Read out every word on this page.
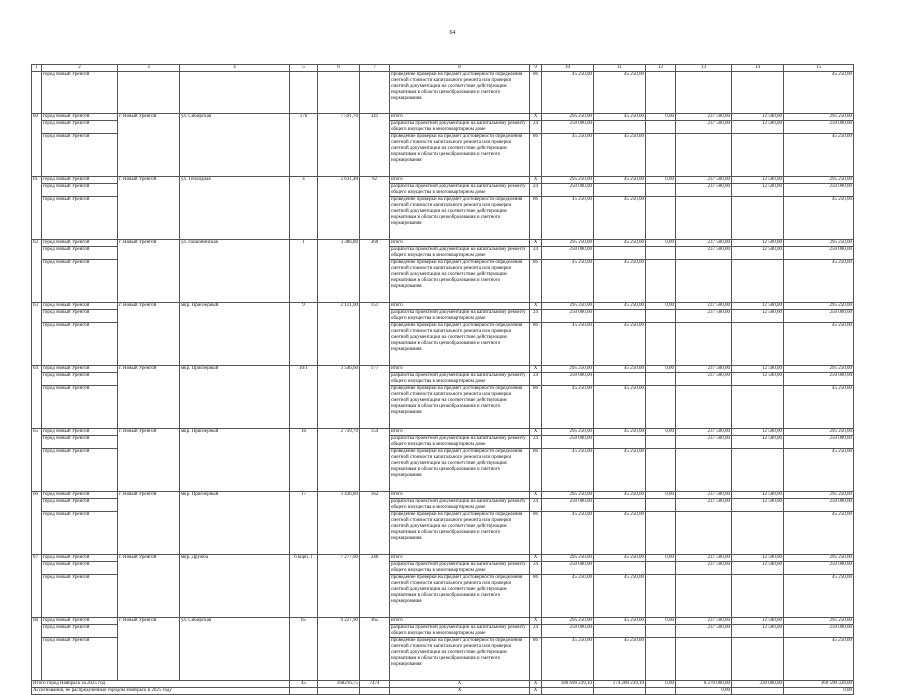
64
1	2	3	4	5	6	7	8	9	10	11	12	13	14	15
	город Новый Уренгой						проведение проверки на предмет достоверности определения сметной стоимости капитального ремонта или проверки сметной документации на соответствие действующим нормативам в области ценообразования и сметного нормирования	86	45 250,00	45 250,00				45 250,00
60	город Новый Уренгой	г. Новый Уренгой	ул. Сибирская	176	7 591,70	341	итого	X	295 250,00	45 250,00	0,00	237 500,00	12 500,00	295 250,00
	город Новый Уренгой						разработка проектной документации на капитальному ремонту общего имущества в многоквартирном доме	24	250 000,00			237 500,00	12 500,00	250 000,00
	город Новый Уренгой						проведение проверки на предмет достоверности определения сметной стоимости капитального ремонта или проверки сметной документации на соответствие действующим нормативам в области ценообразования и сметного нормирования	86	45 250,00	45 250,00				45 250,00
61	город Новый Уренгой	г. Новый Уренгой	ул. Теплодная	4	2 631,40	92	итого	X	295 250,00	45 250,00	0,00	237 500,00	12 500,00	295 250,00
	город Новый Уренгой						разработка проектной документации на капитальному ремонту общего имущества в многоквартирном доме	24	250 000,00			237 500,00	12 500,00	250 000,00
	город Новый Уренгой						проведение проверки на предмет достоверности определения сметной стоимости капитального ремонта или проверки сметной документации на соответствие действующим нормативам в области ценообразования и сметного нормирования	86	45 250,00	45 250,00				45 250,00
62	город Новый Уренгой	г. Новый Уренгой	ул. Пошонинская	1	3 386,80	260	итого	X	295 250,00	45 250,00	0,00	237 500,00	12 500,00	295 250,00
	город Новый Уренгой						разработка проектной документации на капитальному ремонту общего имущества в многоквартирном доме	24	250 000,00			237 500,00	12 500,00	250 000,00
	город Новый Уренгой						проведение проверки на предмет достоверности определения сметной стоимости капитального ремонта или проверки сметной документации на соответствие действующим нормативам в области ценообразования и сметного нормирования	86	45 250,00	45 250,00				45 250,00
63	город Новый Уренгой	г. Новый Уренгой	мкр. Приозерный	9	2 121,00	151	итого	X	295 250,00	45 250,00	0,00	237 500,00	12 500,00	295 250,00
	город Новый Уренгой						разработка проектной документации на капитальному ремонту общего имущества в многоквартирном доме	24	250 000,00			237 500,00	12 500,00	250 000,00
	город Новый Уренгой						проведение проверки на предмет достоверности определения сметной стоимости капитального ремонта или проверки сметной документации на соответствие действующим нормативам в области ценообразования и сметного нормирования	86	45 250,00	45 250,00				45 250,00
64	город Новый Уренгой	г. Новый Уренгой	мкр. Приозерный	10/1	3 546,60	177	итого	X	295 250,00	45 250,00	0,00	237 500,00	12 500,00	295 250,00
	город Новый Уренгой						разработка проектной документации на капитальному ремонту общего имущества в многоквартирном доме	24	250 000,00			237 500,00	12 500,00	250 000,00
	город Новый Уренгой						проведение проверки на предмет достоверности определения сметной стоимости капитального ремонта или проверки сметной документации на соответствие действующим нормативам в области ценообразования и сметного нормирования	86	45 250,00	45 250,00				45 250,00
65	город Новый Уренгой	г. Новый Уренгой	мкр. Приозерный	16	2 739,70	154	итого	X	295 250,00	45 250,00	0,00	237 500,00	12 500,00	295 250,00
	город Новый Уренгой						разработка проектной документации на капитальному ремонту общего имущества в многоквартирном доме	24	250 000,00			237 500,00	12 500,00	250 000,00
	город Новый Уренгой						проведение проверки на предмет достоверности определения сметной стоимости капитального ремонта или проверки сметной документации на соответствие действующим нормативам в области ценообразования и сметного нормирования	86	45 250,00	45 250,00				45 250,00
66	город Новый Уренгой	г. Новый Уренгой	мкр. Приозерный	17	3 436,80	162	итого	X	295 250,00	45 250,00	0,00	237 500,00	12 500,00	295 250,00
	город Новый Уренгой						разработка проектной документации на капитальному ремонту общего имущества в многоквартирном доме	24	250 000,00			237 500,00	12 500,00	250 000,00
	город Новый Уренгой						проведение проверки на предмет достоверности определения сметной стоимости капитального ремонта или проверки сметной документации на соответствие действующим нормативам в области ценообразования и сметного нормирования	86	45 250,00	45 250,00				45 250,00
67	город Новый Уренгой	г. Новый Уренгой	мкр. Дружба	6 корп. 1	7 277,00	246	итого	X	295 250,00	45 250,00	0,00	237 500,00	12 500,00	295 250,00
	город Новый Уренгой						разработка проектной документации на капитальному ремонту общего имущества в многоквартирном доме	24	250 000,00			237 500,00	12 500,00	250 000,00
	город Новый Уренгой						проведение проверки на предмет достоверности определения сметной стоимости капитального ремонта или проверки сметной документации на соответствие действующим нормативам в области ценообразования и сметного нормирования	86	45 250,00	45 250,00				45 250,00
68	город Новый Уренгой	г. Новый Уренгой	ул. Сибирская	65	9 227,90	365	итого	X	295 250,00	45 250,00	0,00	237 500,00	12 500,00	295 250,00
	город Новый Уренгой						разработка проектной документации на капитальному ремонту общего имущества в многоквартирном доме	24	250 000,00			237 500,00	12 500,00	250 000,00
	город Новый Уренгой						проведение проверки на предмет достоверности определения сметной стоимости капитального ремонта или проверки сметной документации на соответствие действующим нормативам в области ценообразования и сметного нормирования	86	45 250,00	45 250,00				45 250,00
Итого город Ноябрьск за 2025 год				45	168216,75	7474	X	X	180 690 239,10	174 280 239,10	0,00	6 270 000,00	330 000,00	360 590 328,00
Ассигнования, не распределенные городом Ноябрьск в 2025 году							X	X				0,00		0,00
